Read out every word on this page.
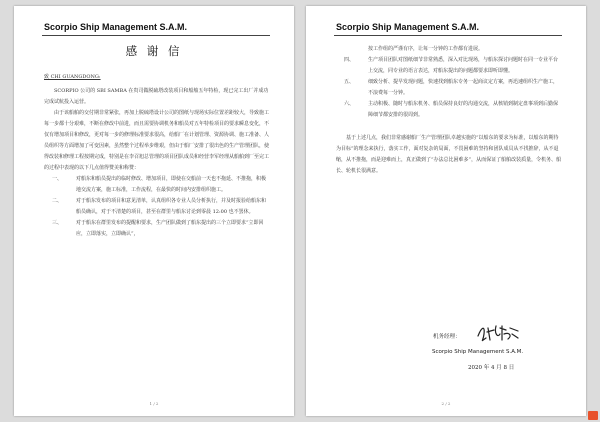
Scorpio Ship Management S.A.M.
感 谢 信
致 CHI GUANGDONG:

SCORPIO 公司的 SBI SAMBA 在贵司做脱硫塔改装项目和船舶五年特检，现已完工出厂并成功完成试航投入运营。

由于该船舶的交付期非常紧张，再加上脱硫塔设计公司的图纸与现场实际位置差距较大，导致施工每一步都十分艰难，不断在修改中前进，而且需要协调机务和船员对五年特检项目的要求瞬息变化，不仅有增加项目和修改，更对每一步的修理标准要求很高，给船厂在计划管理、资源协调、施工准备、人员组织等方面增加了可变因素，虽然整个过程举步维艰，但由于船厂安排了很出色的生产管理团队，使得改装和修理工程按期完成，特别是在李召旭总管理的项目团队成员和经营李军经理从船舶到厂至完工的过程中表现的以下几点值得赞美和称赞：

一、	对船东和船员提出的临时修改、增加项目，即使在交船前一天也不拖延、不推拖，积极地交流方案，施工标准，工作流程，在最快的时间内安排组织施工。
二、	对于船东发布的项目和意见清单，认真组织各专业人员分析执行，并及时报验给船东和船员确认，对于不清楚的项目，甚至在群里与船东讨论到零晨 12:00 也不罢休。
三、	对于船东在群里发布的提醒和要求，生产团队做到了船东提出的三个立即要求“立即回应，立即落实，立即确认”，
1 / 2
Scorpio Ship Management S.A.M.

按工作组的严谨有序，让每一分钟的工作都有进展。

四、	生产项目团队对图纸细节非常熟悉，深入对比现场，与船东探讨问题时在同一专业平台上交流，同专业的语言表达，对船东提出的问题都要求即听即懂。
五、	细致分析、提早发现问题，快速找到船东专务一起商议定方案，再迅速组织生产施工，不浪费每一分钟。
六、	主动积极、随时与船东机务、船员保持良好的沟通交流，从核销到制定盘事项到后勤保障细节都安排的很周到。

基于上述几点，我们非常感谢船厂生产管理团队卓越实施的“以船东的要求为标准，以船东的期待为目标”的理念来执行，落实工作，面对复杂的局面，不畏困难的坚持和团队成员从不找推辞，从不退缩，从不推拖，而是迎难而上，真正做到了“办法总比困难多”，从而保证了船舶改装质量，令机务、船长、轮机长很满意。

机务经理：
Scorpio Ship Management S.A.M.
2020 年 4 月 8 日
2 / 2
